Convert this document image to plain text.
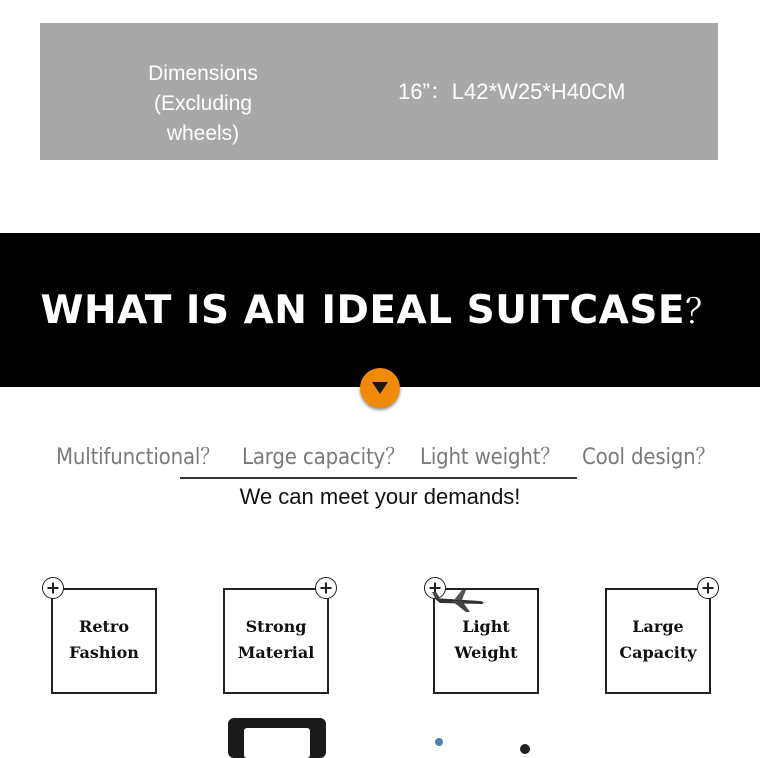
Dimensions
(Excluding wheels)
16”：L42*W25*H40CM
WHAT IS AN IDEAL SUITCASE？
Multifunctional？ Large capacity？ Light weight？ Cool design？
We can meet your demands!
Retro
Fashion
Strong
Material
Light
Weight
Large
Capacity
